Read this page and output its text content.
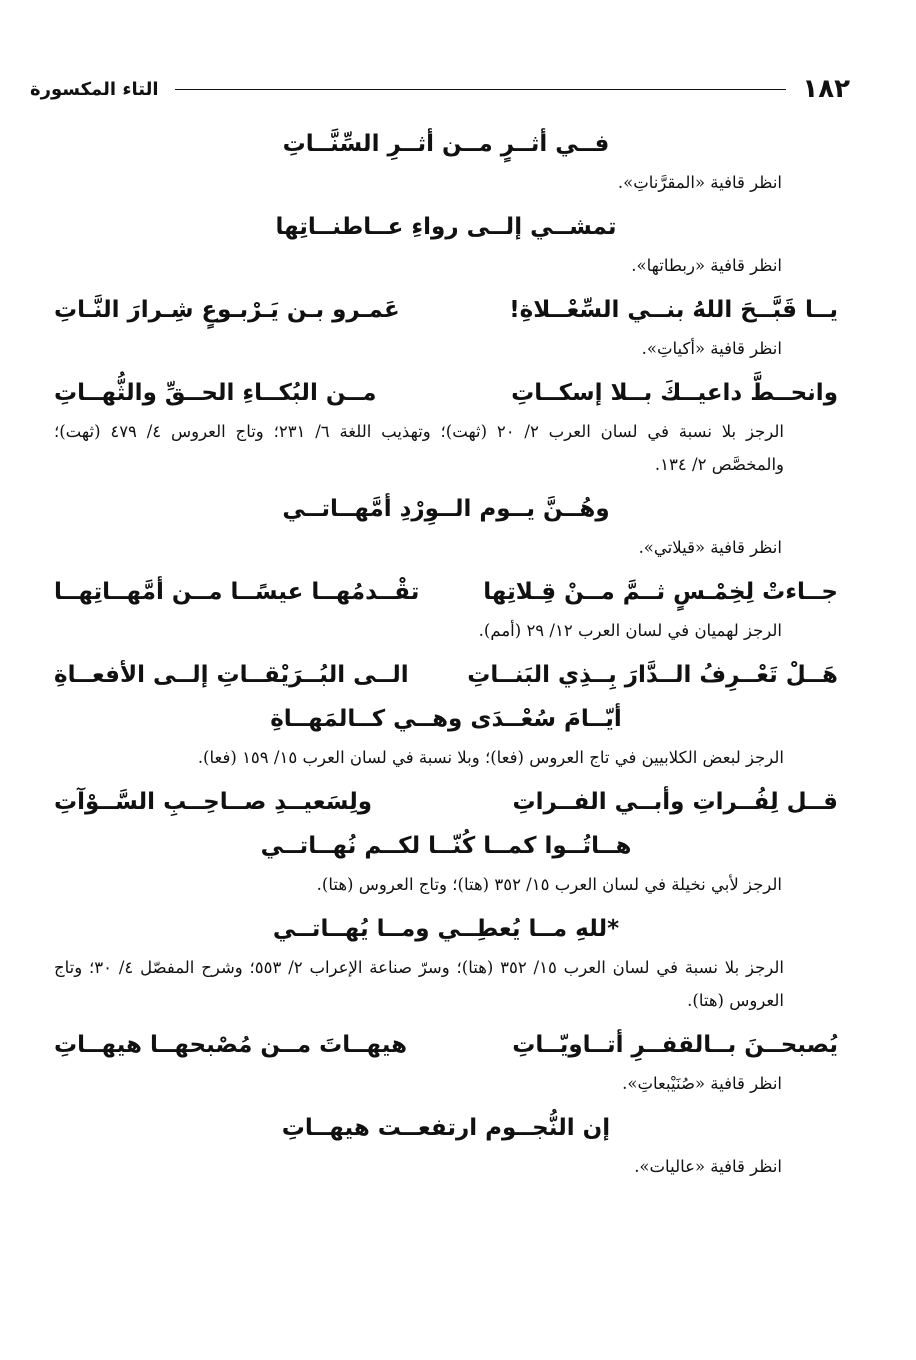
١٨٢
التاء المكسورة
فــي أثــرٍ مــن أثــرِ السِّنَّــاتِ
انظر قافية «المقرَّناتِ».
تمشــي إلــى رواءِ عــاطنــاتِها
انظر قافية «ربطاتها».
يــا قَبَّــحَ اللهُ بنــي السِّعْــلاةِ!
عَمـرو بـن يَـرْبـوعٍ شِـرارَ النَّـاتِ
انظر قافية «أكياتِ».
وانحــطَّ داعيــكَ بــلا إسكــاتِ
مــن البُكــاءِ الحــقِّ والثُّهــاتِ
الرجز بلا نسبة في لسان العرب ٢/ ٢٠ (ثهت)؛ وتهذيب اللغة ٦/ ٢٣١؛ وتاج العروس ٤/ ٤٧٩ (ثهت)؛ والمخصَّص ٢/ ١٣٤.
وهُــنَّ يــوم الــوِرْدِ أمَّهــاتــي
انظر قافية «قيلاتي».
جــاءتْ لِخِمْـسٍ ثــمَّ مــنْ قِـلاتِها
تقْــدمُهــا عيسًــا مــن أمَّهــاتِهــا
الرجز لهميان في لسان العرب ١٢/ ٢٩ (أمم).
هَــلْ تَعْــرِفُ الــدَّارَ بِــذِي البَنــاتِ
الــى البُــرَيْقــاتِ إلــى الأفعــاةِ
أيّــامَ سُعْــدَى وهــي كــالمَهــاةِ
الرجز لبعض الكلابيين في تاج العروس (فعا)؛ وبلا نسبة في لسان العرب ١٥/ ١٥٩ (فعا).
قــل لِفُــراتِ وأبــي الفــراتِ
ولِسَعيــدِ صــاحِــبِ السَّــوْآتِ
هــاتُــوا كمــا كُنّــا لكــم نُهــاتــي
الرجز لأبي نخيلة في لسان العرب ١٥/ ٣٥٢ (هتا)؛ وتاج العروس (هتا).
*للهِ مــا يُعطِــي ومــا يُهــاتــي
الرجز بلا نسبة في لسان العرب ١٥/ ٣٥٢ (هتا)؛ وسرّ صناعة الإعراب ٢/ ٥٥٣؛ وشرح المفصّل ٤/ ٣٠؛ وتاج العروس (هتا).
يُصبحــنَ بــالقفــرِ أتــاويّــاتِ
هيهــاتَ مــن مُصْبحهــا هيهــاتِ
انظر قافية «صُنَيْبعاتِ».
إن النُّجــوم ارتفعــت هيهــاتِ
انظر قافية «عاليات».
